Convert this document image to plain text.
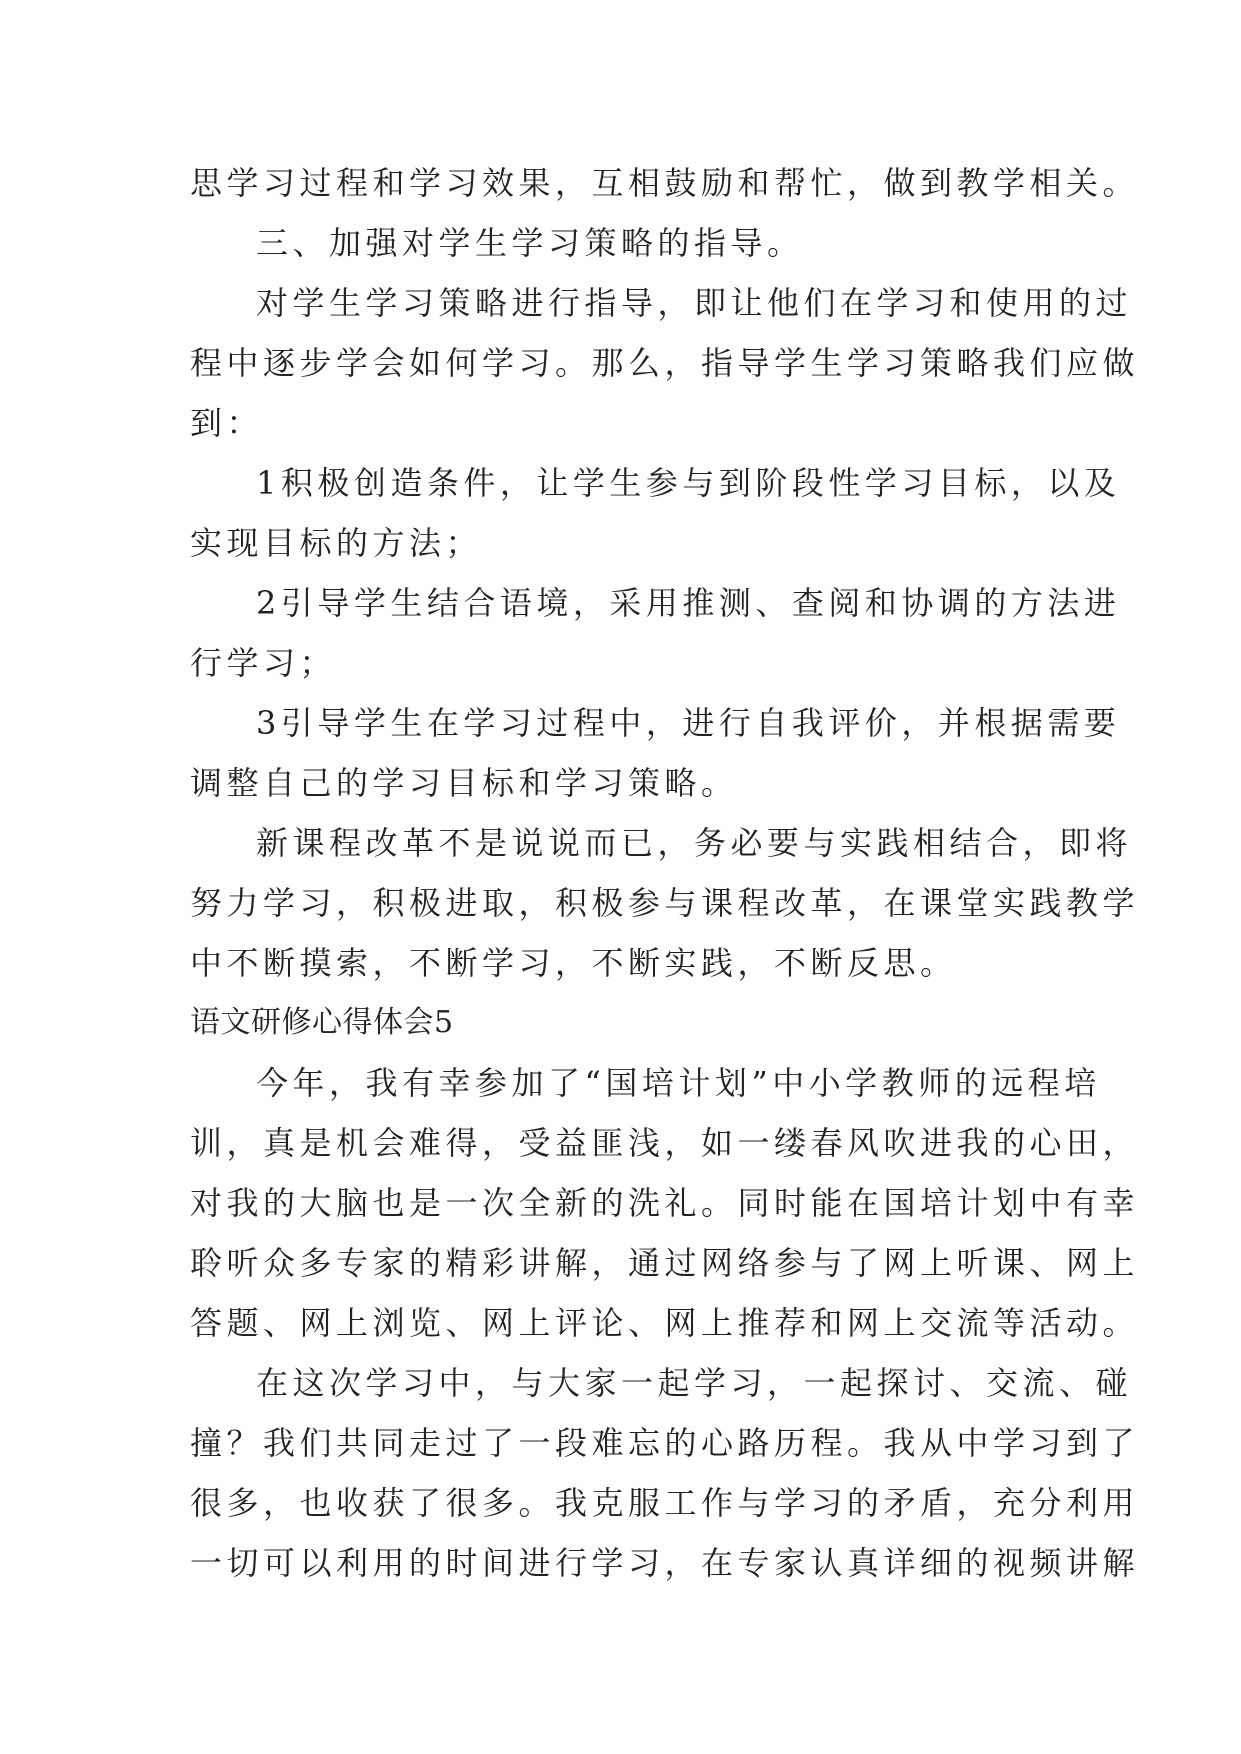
思学习过程和学习效果，互相鼓励和帮忙，做到教学相关。

三、加强对学生学习策略的指导。

对学生学习策略进行指导，即让他们在学习和使用的过
程中逐步学会如何学习。那么，指导学生学习策略我们应做
到：

1积极创造条件，让学生参与到阶段性学习目标，以及
实现目标的方法；

2引导学生结合语境，采用推测、查阅和协调的方法进
行学习；

3引导学生在学习过程中，进行自我评价，并根据需要
调整自己的学习目标和学习策略。

新课程改革不是说说而已，务必要与实践相结合，即将
努力学习，积极进取，积极参与课程改革，在课堂实践教学
中不断摸索，不断学习，不断实践，不断反思。

语文研修心得体会5

今年，我有幸参加了“国培计划”中小学教师的远程培
训，真是机会难得，受益匪浅，如一缕春风吹进我的心田，
对我的大脑也是一次全新的洗礼。同时能在国培计划中有幸
聆听众多专家的精彩讲解，通过网络参与了网上听课、网上
答题、网上浏览、网上评论、网上推荐和网上交流等活动。

在这次学习中，与大家一起学习，一起探讨、交流、碰
撞？我们共同走过了一段难忘的心路历程。我从中学习到了
很多，也收获了很多。我克服工作与学习的矛盾，充分利用
一切可以利用的时间进行学习，在专家认真详细的视频讲解
